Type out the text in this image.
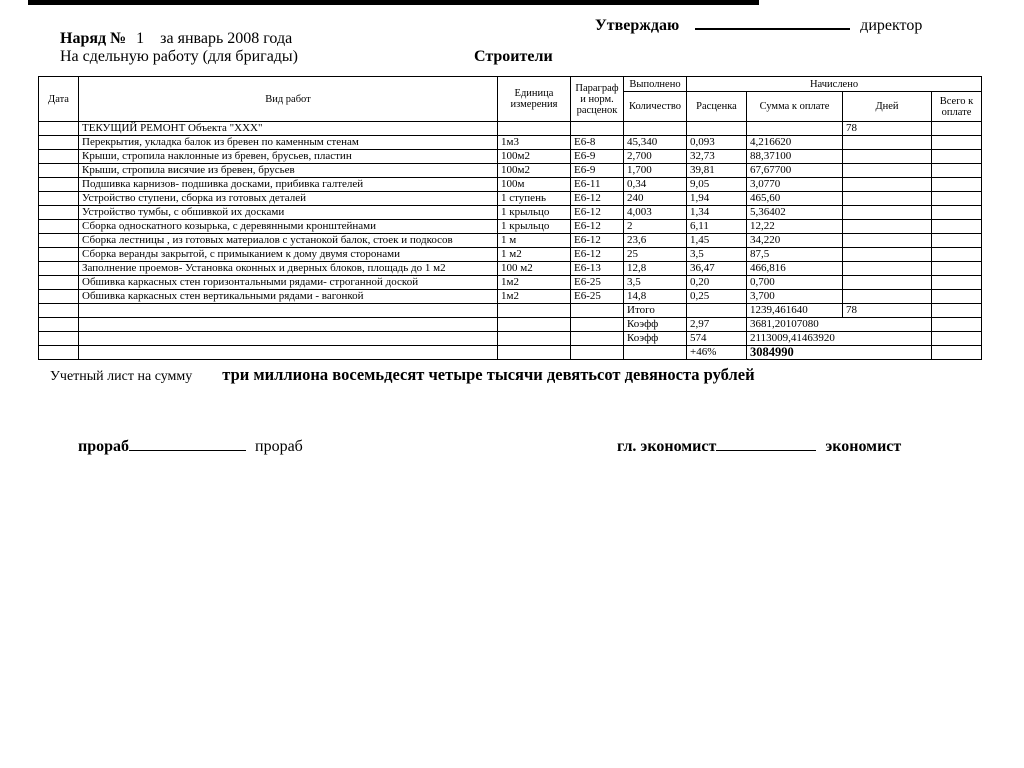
Утверждаю	директор
Наряд № 1 за январь 2008 года
На сдельную работу (для бригады)	Строители
Дата	Вид работ	Единица измерения	Параграф и норм. расценок	Выполнено	Начислено			
				Количество	Расценка	Сумма к оплате	Дней	Всего к оплате
	ТЕКУЩИЙ РЕМОНТ Объекта "XXX"						78	
	Перекрытия, укладка балок из бревен по каменным стенам	1м3	Е6-8	45,340	0,093	4,216620		
	Крыши, стропила наклонные из бревен, брусьев, пластин	100м2	Е6-9	2,700	32,73	88,37100		
	Крыши, стропила висячие из бревен, брусьев	100м2	Е6-9	1,700	39,81	67,67700		
	Подшивка карнизов- подшивка досками, прибивка галтелей	100м	Е6-11	0,34	9,05	3,0770		
	Устройство ступени, сборка из готовых деталей	1 ступень	Е6-12	240	1,94	465,60		
	Устройство тумбы, с обшивкой их досками	1 крыльцо	Е6-12	4,003	1,34	5,36402		
	Сборка односкатного козырька, с деревянными кронштейнами	1 крыльцо	Е6-12	2	6,11	12,22		
	Сборка лестницы , из готовых материалов с устанокой балок, стоек и подкосов	1 м	Е6-12	23,6	1,45	34,220		
	Сборка веранды закрытой, с примыканием к дому двумя сторонами	1 м2	Е6-12	25	3,5	87,5		
	Заполнение проемов- Установка оконных и дверных блоков, площадь до 1 м2	100 м2	Е6-13	12,8	36,47	466,816		
	Обшивка каркасных стен горизонтальными рядами- строганной доской	1м2	Е6-25	3,5	0,20	0,700		
	Обшивка каркасных стен вертикальными рядами - вагонкой	1м2	Е6-25	14,8	0,25	3,700		
				Итого		1239,461640	78	
				Коэфф	2,97	3681,20107080		
				Коэфф	574	2113009,41463920		
					+46%	3084990		
Учетный лист на сумму три миллиона восемьдесят четыре тысячи девятьсот девяноста рублей
прораб	прораб	гл. экономист	экономист
